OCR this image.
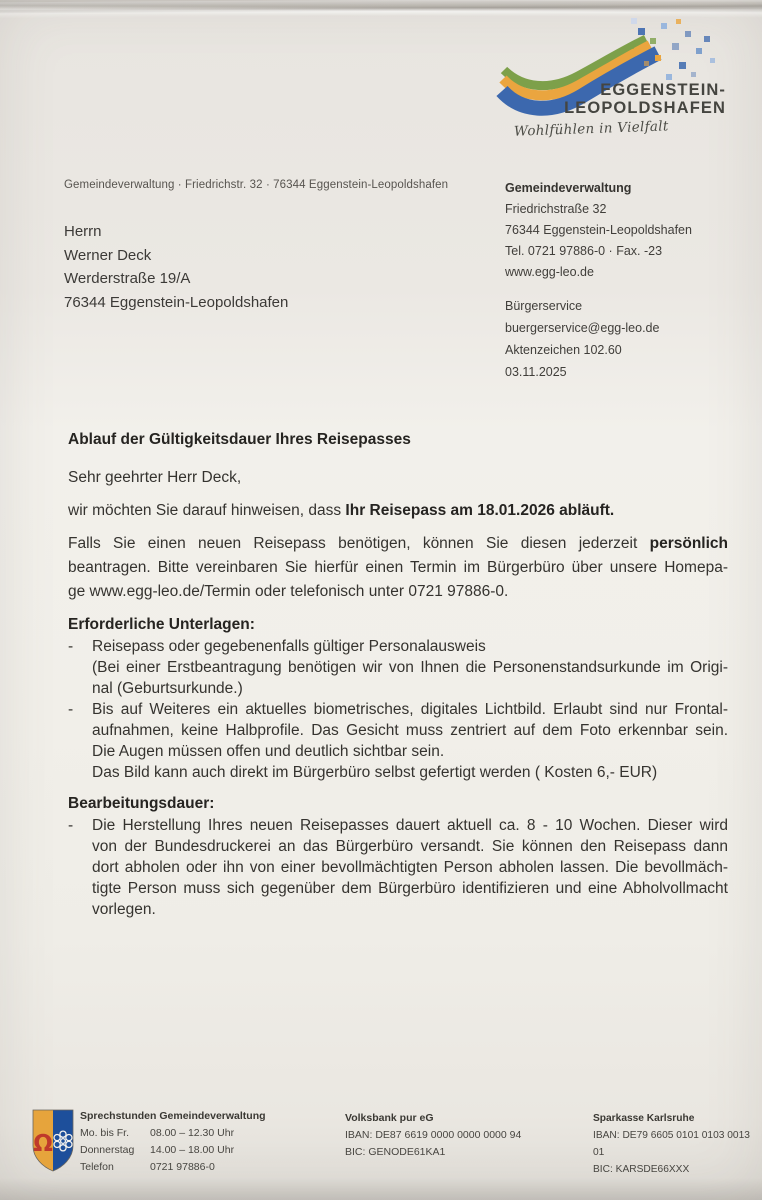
EGGENSTEIN-
LEOPOLDSHAFEN
Wohlfühlen in Vielfalt
Gemeindeverwaltung · Friedrichstr. 32 · 76344 Eggenstein-Leopoldshafen
Herrn
Werner Deck
Werderstraße 19/A
76344 Eggenstein-Leopoldshafen
Gemeindeverwaltung
Friedrichstraße 32
76344 Eggenstein-Leopoldshafen
Tel. 0721 97886-0 · Fax. -23
www.egg-leo.de
Bürgerservice
buergerservice@egg-leo.de
Aktenzeichen 102.60
03.11.2025
Ablauf der Gültigkeitsdauer Ihres Reisepasses
Sehr geehrter Herr Deck,
wir möchten Sie darauf hinweisen, dass Ihr Reisepass am 18.01.2026 abläuft.
Falls Sie einen neuen Reisepass benötigen, können Sie diesen jederzeit persönlich
beantragen. Bitte vereinbaren Sie hierfür einen Termin im Bürgerbüro über unsere Homepa-
ge www.egg-leo.de/Termin oder telefonisch unter 0721 97886-0.
Erforderliche Unterlagen:
-	Reisepass oder gegebenenfalls gültiger Personalausweis
(Bei einer Erstbeantragung benötigen wir von Ihnen die Personenstandsurkunde im Origi-
nal (Geburtsurkunde.)
-	Bis auf Weiteres ein aktuelles biometrisches, digitales Lichtbild. Erlaubt sind nur Frontal-
aufnahmen, keine Halbprofile. Das Gesicht muss zentriert auf dem Foto erkennbar sein.
Die Augen müssen offen und deutlich sichtbar sein.
Das Bild kann auch direkt im Bürgerbüro selbst gefertigt werden ( Kosten 6,- EUR)
Bearbeitungsdauer:
-	Die Herstellung Ihres neuen Reisepasses dauert aktuell ca. 8 - 10 Wochen. Dieser wird
von der Bundesdruckerei an das Bürgerbüro versandt. Sie können den Reisepass dann
dort abholen oder ihn von einer bevollmächtigten Person abholen lassen. Die bevollmäch-
tigte Person muss sich gegenüber dem Bürgerbüro identifizieren und eine Abholvollmacht
vorlegen.
Ω
Sprechstunden Gemeindeverwaltung
Mo. bis Fr.	08.00 – 12.30 Uhr
Donnerstag	14.00 – 18.00 Uhr
Telefon	0721 97886-0
Volksbank pur eG
IBAN: DE87 6619 0000 0000 0000 94
BIC: GENODE61KA1
Sparkasse Karlsruhe
IBAN: DE79 6605 0101 0103 0013 01
BIC: KARSDE66XXX
